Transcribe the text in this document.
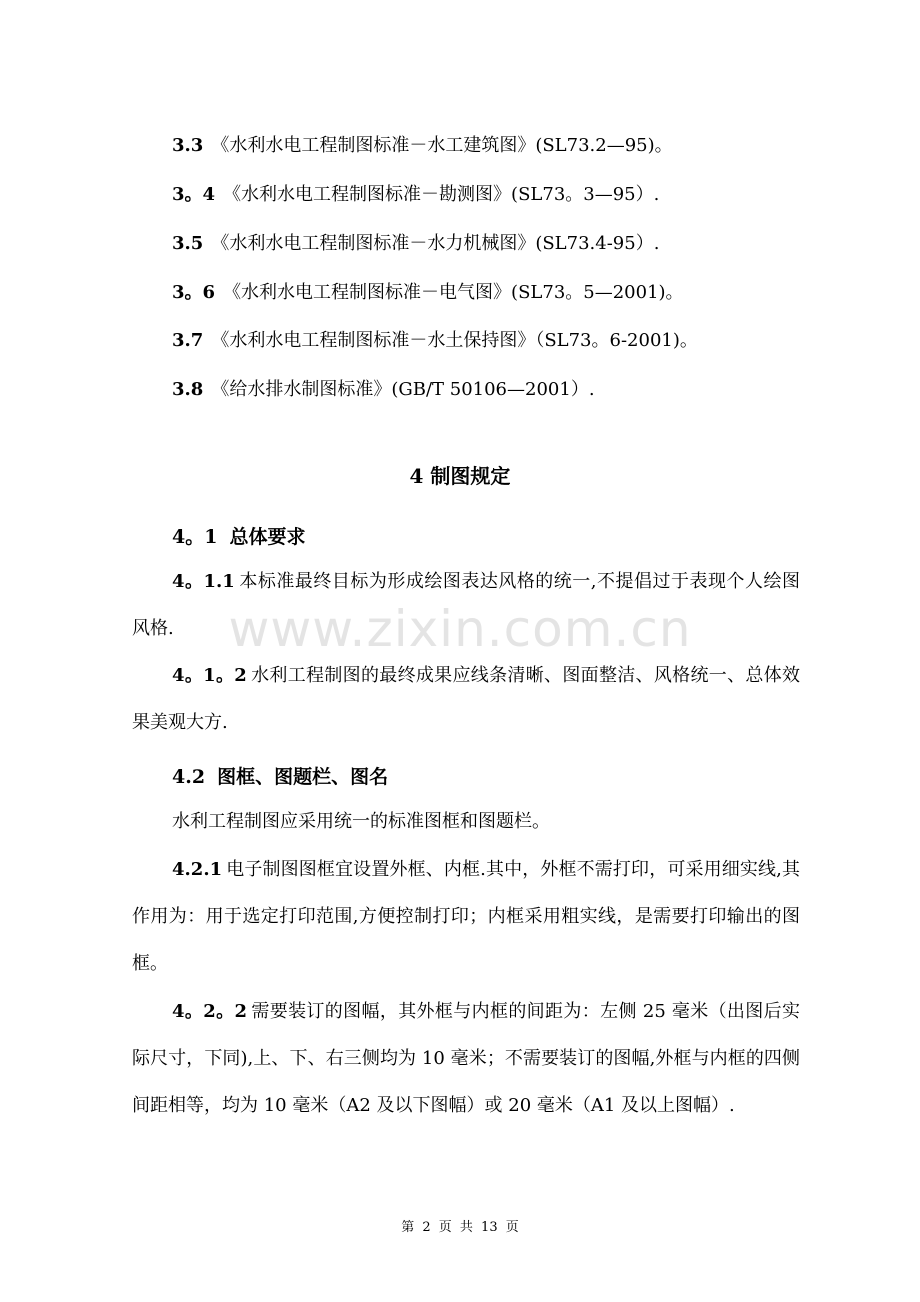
3.3 《水利水电工程制图标准－水工建筑图》(SL73.2—95)。
3。4 《水利水电工程制图标准－勘测图》(SL73。3—95）.
3.5 《水利水电工程制图标准－水力机械图》(SL73.4-95）.
3。6 《水利水电工程制图标准－电气图》(SL73。5—2001)。
3.7 《水利水电工程制图标准－水土保持图》（SL73。6-2001)。
3.8 《给水排水制图标准》(GB/T 50106—2001）.
4 制图规定
4。1 总体要求
4。1.1 本标准最终目标为形成绘图表达风格的统一,不提倡过于表现个人绘图风格.
4。1。2 水利工程制图的最终成果应线条清晰、图面整洁、风格统一、总体效果美观大方.
4.2 图框、图题栏、图名
水利工程制图应采用统一的标准图框和图题栏。
4.2.1 电子制图图框宜设置外框、内框.其中，外框不需打印，可采用细实线,其作用为：用于选定打印范围,方便控制打印；内框采用粗实线，是需要打印输出的图框。
4。2。2 需要装订的图幅，其外框与内框的间距为：左侧 25 毫米（出图后实际尺寸，下同),上、下、右三侧均为 10 毫米；不需要装订的图幅,外框与内框的四侧间距相等，均为 10 毫米（A2 及以下图幅）或 20 毫米（A1 及以上图幅）.
www.zixin.com.cn
第 2 页 共 13 页
